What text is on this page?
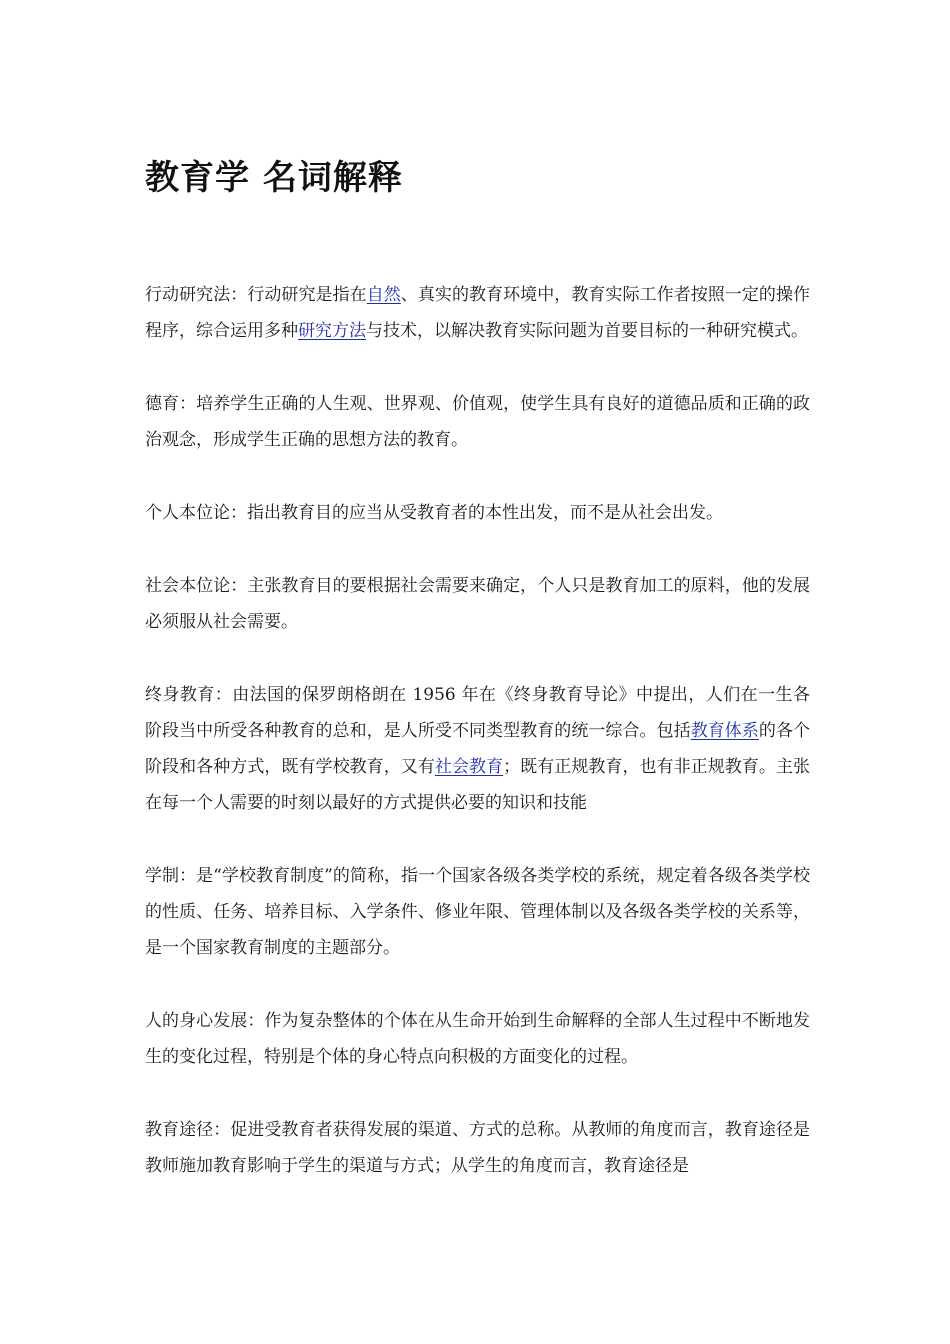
教育学 名词解释

行动研究法：行动研究是指在自然、真实的教育环境中，教育实际工作者按照一定的操作程序，综合运用多种研究方法与技术，以解决教育实际问题为首要目标的一种研究模式。

德育：培养学生正确的人生观、世界观、价值观，使学生具有良好的道德品质和正确的政治观念，形成学生正确的思想方法的教育。

个人本位论：指出教育目的应当从受教育者的本性出发，而不是从社会出发。

社会本位论：主张教育目的要根据社会需要来确定，个人只是教育加工的原料，他的发展必须服从社会需要。

终身教育：由法国的保罗朗格朗在 1956 年在《终身教育导论》中提出，人们在一生各阶段当中所受各种教育的总和，是人所受不同类型教育的统一综合。包括教育体系的各个阶段和各种方式，既有学校教育，又有社会教育；既有正规教育，也有非正规教育。主张在每一个人需要的时刻以最好的方式提供必要的知识和技能

学制：是“学校教育制度”的简称，指一个国家各级各类学校的系统，规定着各级各类学校的性质、任务、培养目标、入学条件、修业年限、管理体制以及各级各类学校的关系等，是一个国家教育制度的主题部分。

人的身心发展：作为复杂整体的个体在从生命开始到生命解释的全部人生过程中不断地发生的变化过程，特别是个体的身心特点向积极的方面变化的过程。

教育途径：促进受教育者获得发展的渠道、方式的总称。从教师的角度而言，教育途径是教师施加教育影响于学生的渠道与方式；从学生的角度而言，教育途径是
